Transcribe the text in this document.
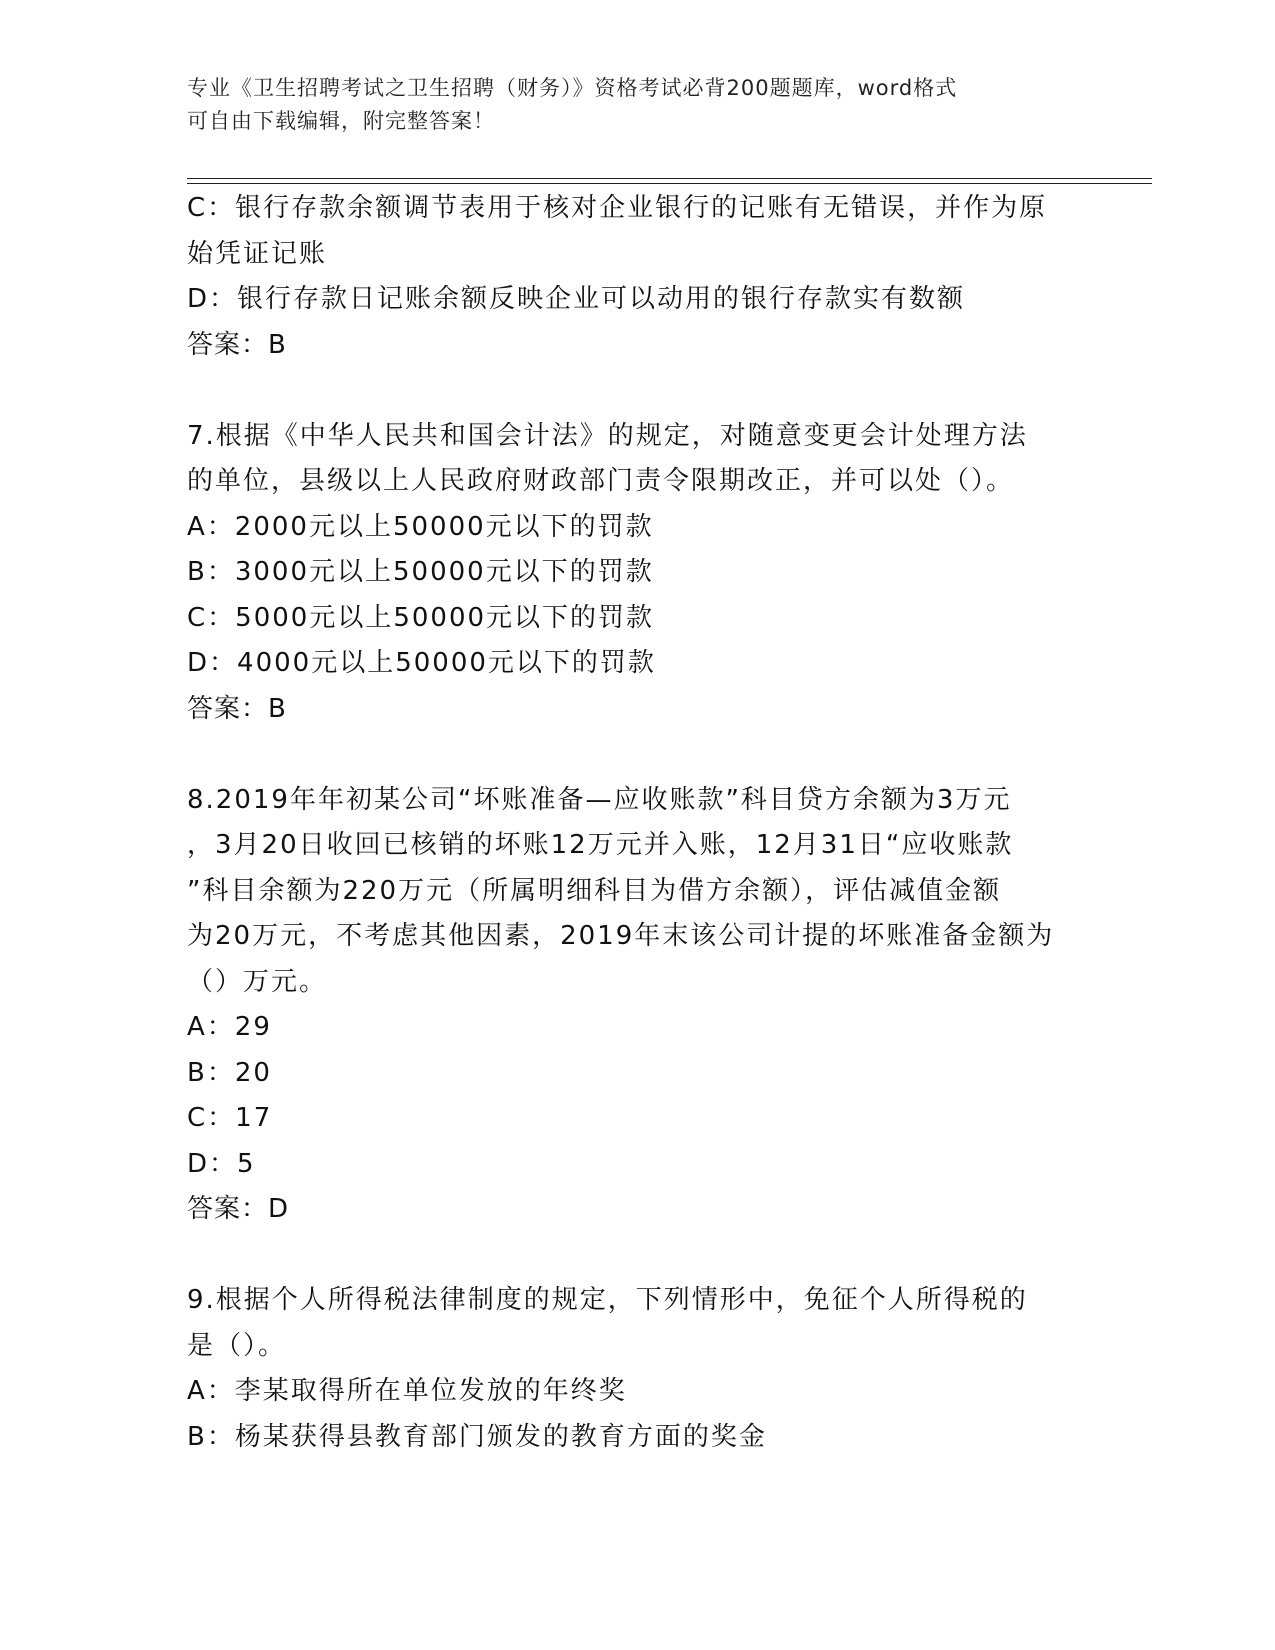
专业《卫生招聘考试之卫生招聘（财务）》资格考试必背200题题库，word格式
可自由下载编辑，附完整答案！

C：银行存款余额调节表用于核对企业银行的记账有无错误，并作为原

始凭证记账

D：银行存款日记账余额反映企业可以动用的银行存款实有数额

答案：B

7.根据《中华人民共和国会计法》的规定，对随意变更会计处理方法

的单位，县级以上人民政府财政部门责令限期改正，并可以处（）。

A：2000元以上50000元以下的罚款

B：3000元以上50000元以下的罚款

C：5000元以上50000元以下的罚款

D：4000元以上50000元以下的罚款

答案：B

8.2019年年初某公司“坏账准备—应收账款”科目贷方余额为3万元

，3月20日收回已核销的坏账12万元并入账，12月31日“应收账款

”科目余额为220万元（所属明细科目为借方余额），评估减值金额

为20万元，不考虑其他因素，2019年末该公司计提的坏账准备金额为

（）万元。

A：29

B：20

C：17

D：5

答案：D

9.根据个人所得税法律制度的规定，下列情形中，免征个人所得税的

是（）。

A：李某取得所在单位发放的年终奖

B：杨某获得县教育部门颁发的教育方面的奖金
